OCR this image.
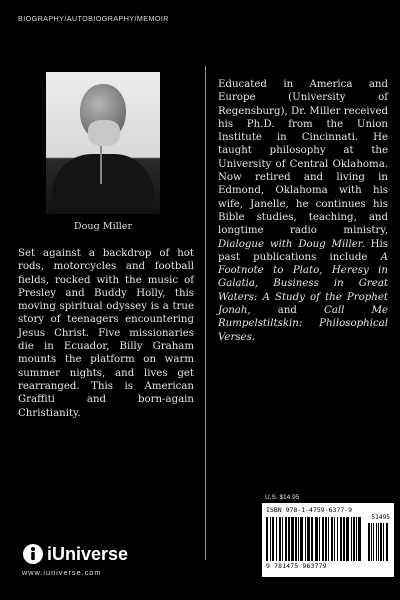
BIOGRAPHY/AUTOBIOGRAPHY/MEMOIR
Doug Miller
Set against a backdrop of hot rods, motorcycles and football fields, rocked with the music of Presley and Buddy Holly, this moving spiritual odyssey is a true story of teenagers encountering Jesus Christ. Five missionaries die in Ecuador, Billy Graham mounts the platform on warm summer nights, and lives get rearranged. This is American Graffiti and born-again Christianity.
Educated in America and Europe (University of Regensburg), Dr. Miller received his Ph.D. from the Union Institute in Cincinnati. He taught philosophy at the University of Central Oklahoma. Now retired and living in Edmond, Oklahoma with his wife, Janelle, he continues his Bible studies, teaching, and longtime radio ministry, Dialogue with Doug Miller. His past publications include A Footnote to Plato, Heresy in Galatia, Business in Great Waters: A Study of the Prophet Jonah, and Call Me Rumpelstiltskin: Philosophical Verses.
U.S. $14.95
ISBN 978-1-4759-6377-9
51495
9 781475 963779
iUniverse
www.iuniverse.com
